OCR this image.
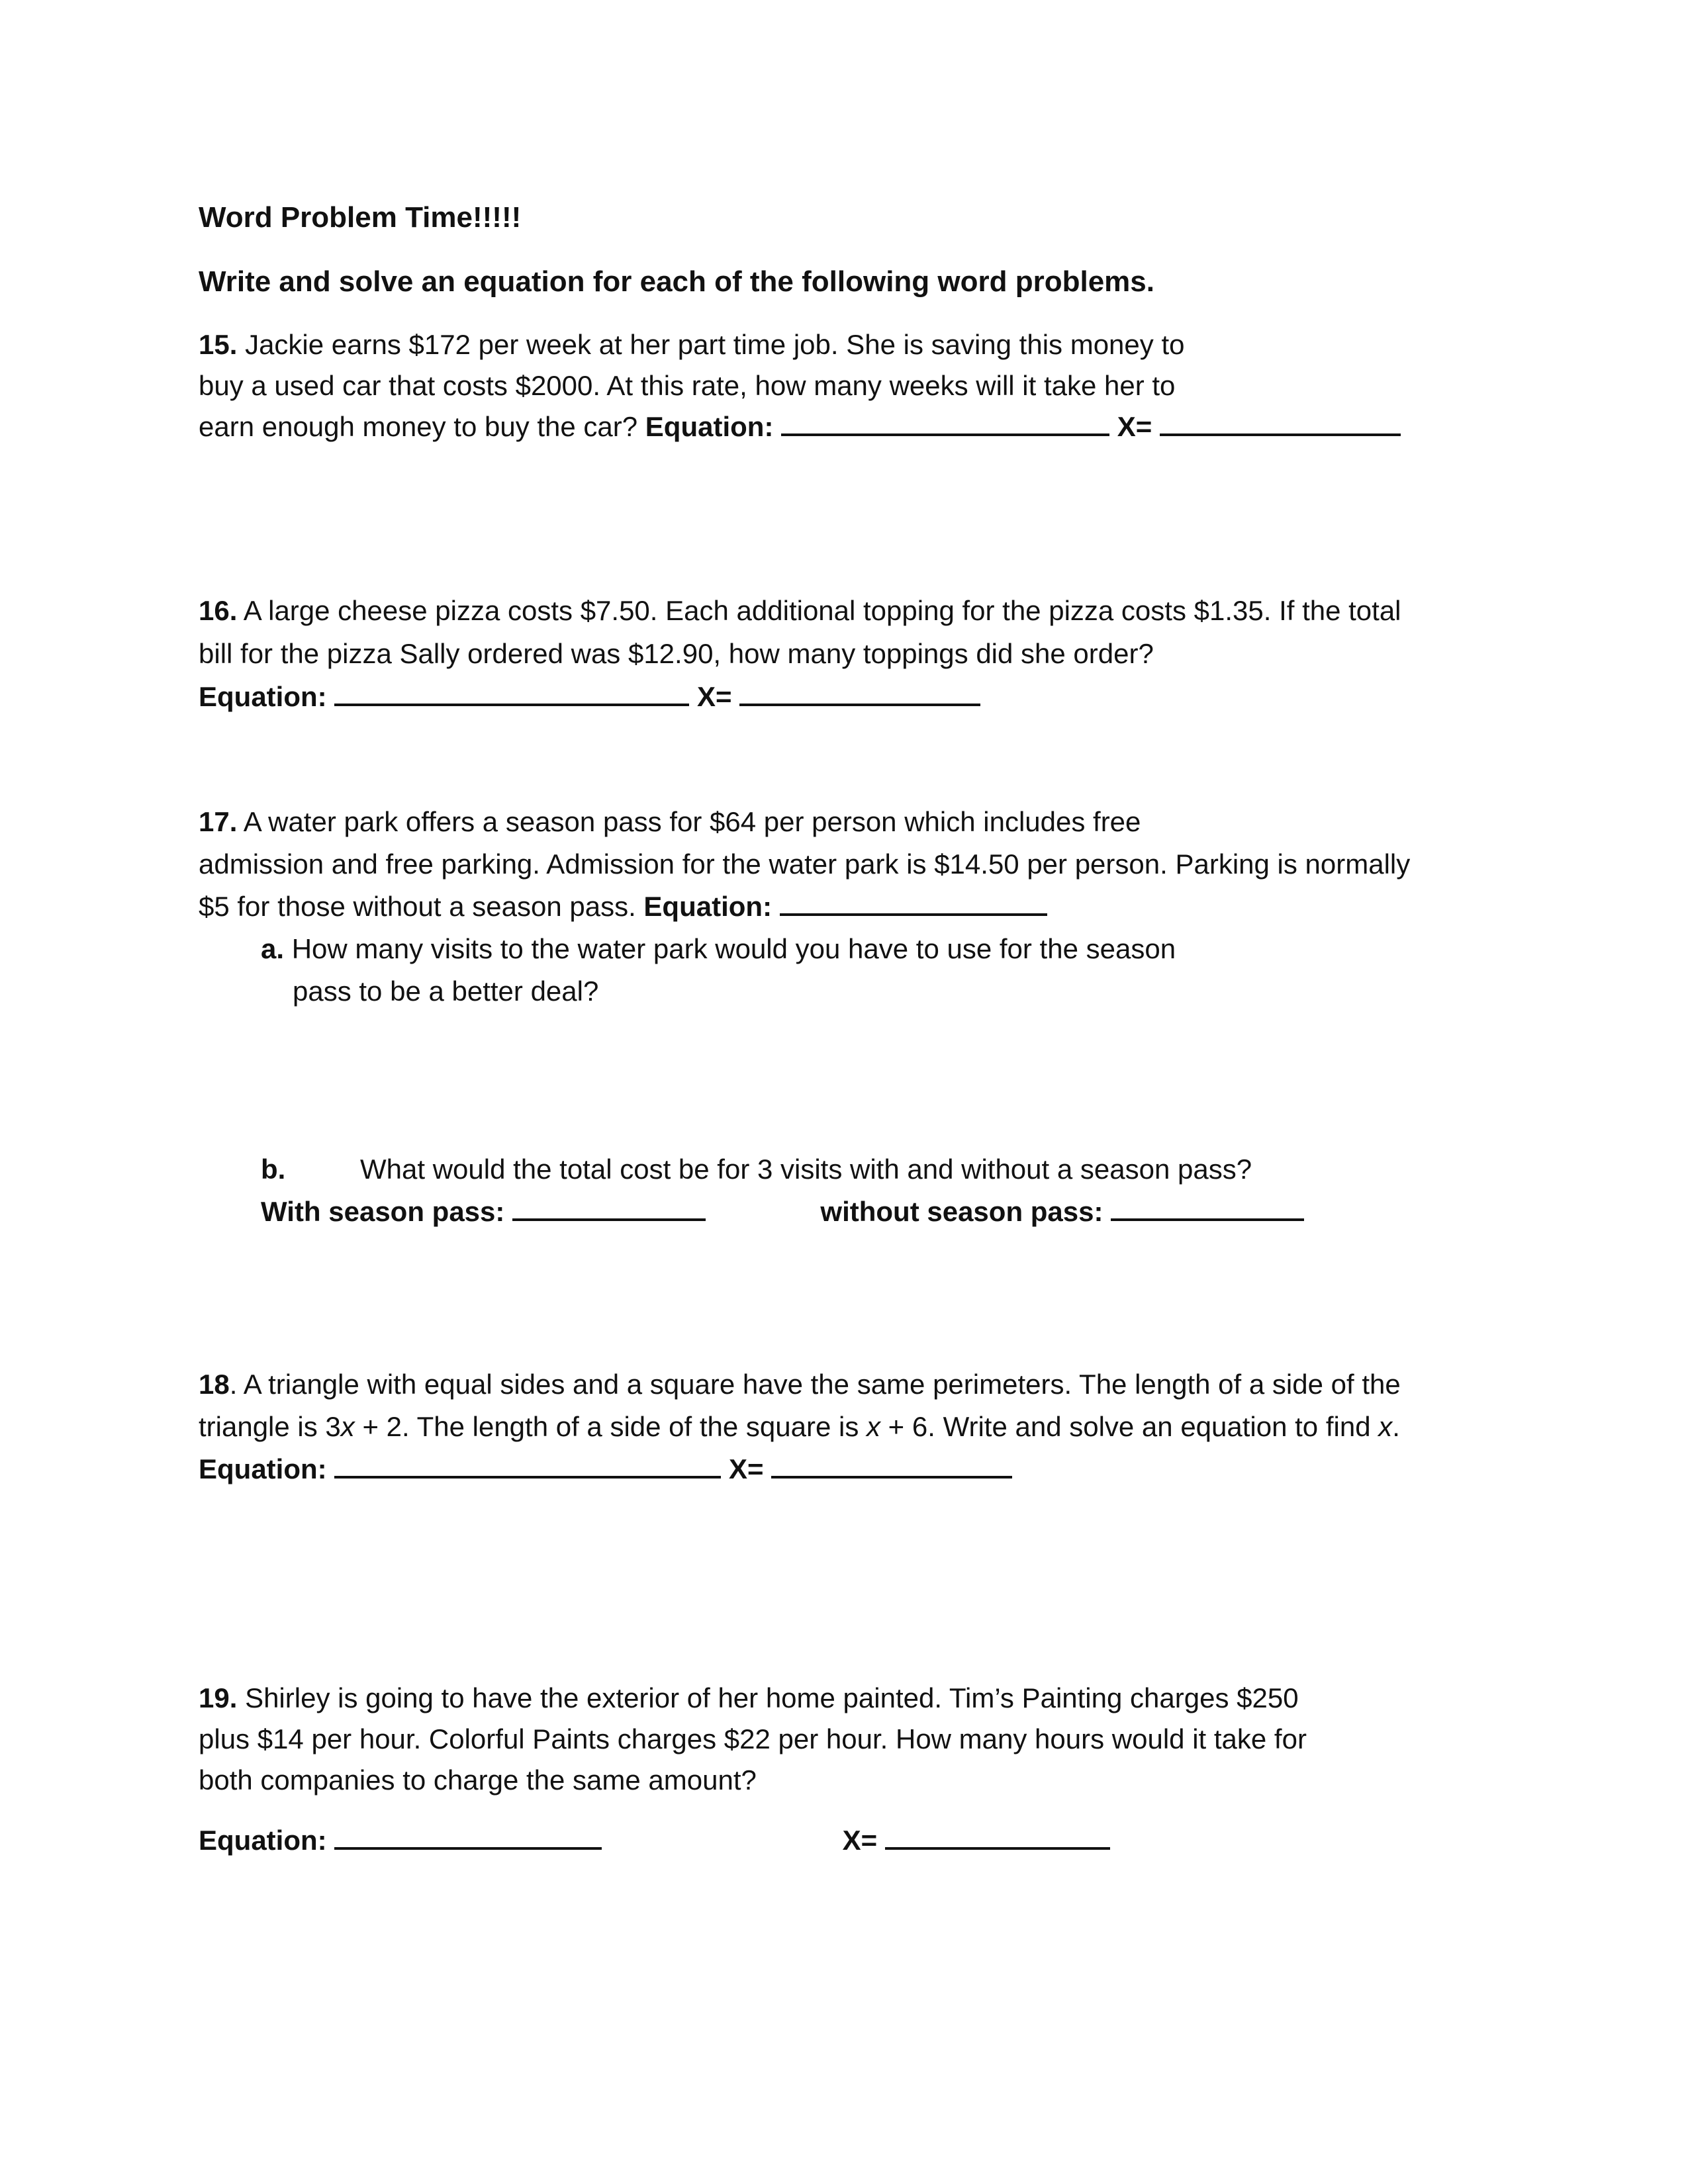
Word Problem Time!!!!!
Write and solve an equation for each of the following word problems.
15. Jackie earns $172 per week at her part time job. She is saving this money to
buy a used car that costs $2000. At this rate, how many weeks will it take her to
earn enough money to buy the car? Equation:	X=
16. A large cheese pizza costs $7.50. Each additional topping for the pizza costs $1.35. If the total
bill for the pizza Sally ordered was $12.90, how many toppings did she order?
Equation:	X=
17. A water park offers a season pass for $64 per person which includes free
admission and free parking. Admission for the water park is $14.50 per person. Parking is normally
$5 for those without a season pass. Equation:
a. How many visits to the water park would you have to use for the season
pass to be a better deal?
b.	What would the total cost be for 3 visits with and without a season pass?
With season pass:	without season pass:
18. A triangle with equal sides and a square have the same perimeters. The length of a side of the
triangle is 3x + 2. The length of a side of the square is x + 6. Write and solve an equation to find x.
Equation:	X=
19. Shirley is going to have the exterior of her home painted. Tim’s Painting charges $250
plus $14 per hour. Colorful Paints charges $22 per hour. How many hours would it take for
both companies to charge the same amount?
Equation:	X=
